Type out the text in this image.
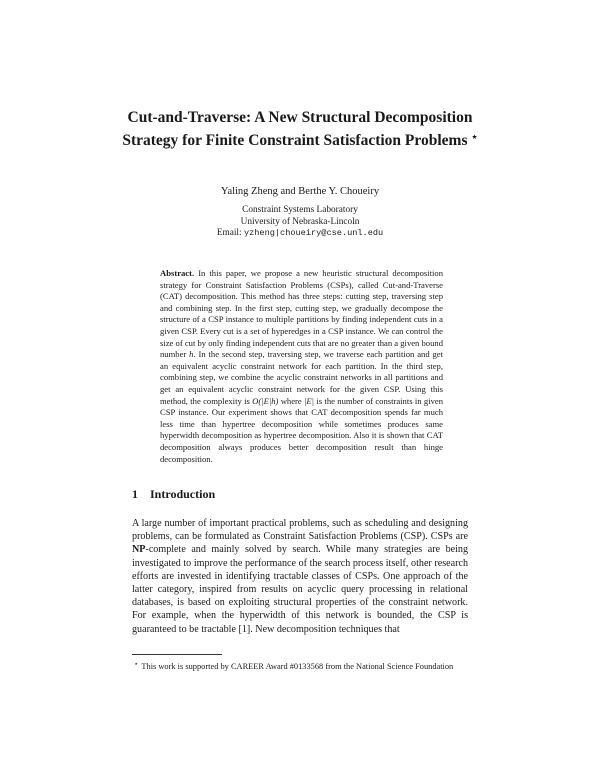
Cut-and-Traverse: A New Structural Decomposition Strategy for Finite Constraint Satisfaction Problems ⋆
Yaling Zheng and Berthe Y. Choueiry
Constraint Systems Laboratory
University of Nebraska-Lincoln
Email: yzheng|choueiry@cse.unl.edu
Abstract. In this paper, we propose a new heuristic structural decomposition strategy for Constraint Satisfaction Problems (CSPs), called Cut-and-Traverse (CAT) decomposition. This method has three steps: cutting step, traversing step and combining step. In the first step, cutting step, we gradually decompose the structure of a CSP instance to multiple partitions by finding independent cuts in a given CSP. Every cut is a set of hyperedges in a CSP instance. We can control the size of cut by only finding independent cuts that are no greater than a given bound number h. In the second step, traversing step, we traverse each partition and get an equivalent acyclic constraint network for each partition. In the third step, combining step, we combine the acyclic constraint networks in all partitions and get an equivalent acyclic constraint network for the given CSP. Using this method, the complexity is O(|E|h) where |E| is the number of constraints in given CSP instance. Our experiment shows that CAT decomposition spends far much less time than hypertree decomposition while sometimes produces same hyperwidth decomposition as hypertree decomposition. Also it is shown that CAT decomposition always produces better decomposition result than hinge decomposition.
1 Introduction
A large number of important practical problems, such as scheduling and designing problems, can be formulated as Constraint Satisfaction Problems (CSP). CSPs are NP-complete and mainly solved by search. While many strategies are being investigated to improve the performance of the search process itself, other research efforts are invested in identifying tractable classes of CSPs. One approach of the latter category, inspired from results on acyclic query processing in relational databases, is based on exploiting structural properties of the constraint network. For example, when the hyperwidth of this network is bounded, the CSP is guaranteed to be tractable [1]. New decomposition techniques that
⋆ This work is supported by CAREER Award #0133568 from the National Science Foundation
